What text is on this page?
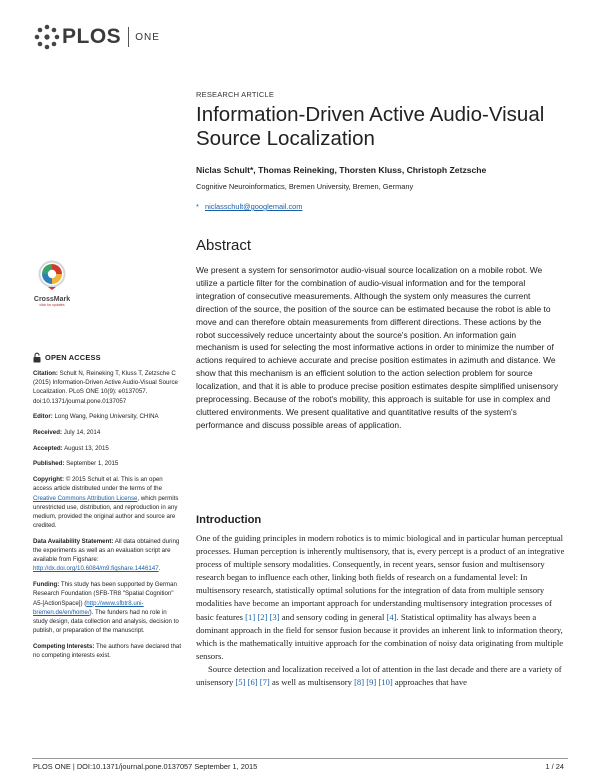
PLOS ONE
RESEARCH ARTICLE
Information-Driven Active Audio-Visual Source Localization
Niclas Schult*, Thomas Reineking, Thorsten Kluss, Christoph Zetzsche
Cognitive Neuroinformatics, Bremen University, Bremen, Germany
* niclasschult@googlemail.com
Abstract

We present a system for sensorimotor audio-visual source localization on a mobile robot. We utilize a particle filter for the combination of audio-visual information and for the temporal integration of consecutive measurements. Although the system only measures the current direction of the source, the position of the source can be estimated because the robot is able to move and can therefore obtain measurements from different directions. These actions by the robot successively reduce uncertainty about the source's position. An information gain mechanism is used for selecting the most informative actions in order to minimize the number of actions required to achieve accurate and precise position estimates in azimuth and distance. We show that this mechanism is an efficient solution to the action selection problem for source localization, and that it is able to produce precise position estimates despite simplified unisensory preprocessing. Because of the robot's mobility, this approach is suitable for use in complex and cluttered environments. We present qualitative and quantitative results of the system's performance and discuss possible areas of application.

CrossMark
click for updates
OPEN ACCESS
Citation: Schult N, Reineking T, Kluss T, Zetzsche C (2015) Information-Driven Active Audio-Visual Source Localization. PLoS ONE 10(9): e0137057. doi:10.1371/journal.pone.0137057
Editor: Long Wang, Peking University, CHINA
Received: July 14, 2014
Accepted: August 13, 2015
Published: September 1, 2015
Copyright: © 2015 Schult et al. This is an open access article distributed under the terms of the Creative Commons Attribution License, which permits unrestricted use, distribution, and reproduction in any medium, provided the original author and source are credited.
Data Availability Statement: All data obtained during the experiments as well as an evaluation script are available from Figshare: http://dx.doi.org/10.6084/m9.figshare.1446147.
Funding: This study has been supported by German Research Foundation (SFB-TR8 "Spatial Cognition" A5-[ActionSpace]) (http://www.sfbtr8.uni-bremen.de/en/home/). The funders had no role in study design, data collection and analysis, decision to publish, or preparation of the manuscript.
Competing Interests: The authors have declared that no competing interests exist.
Introduction

One of the guiding principles in modern robotics is to mimic biological and in particular human perceptual processes. Human perception is inherently multisensory, that is, every percept is a product of an integrative process of multiple sensory modalities. Consequently, in recent years, sensor fusion and multisensory research began to influence each other, linking both fields of research on a fundamental level: In multisensory research, statistically optimal solutions for the integration of data from multiple sensory modalities have become an important approach for understanding multisensory integration processes of basic features [1] [2] [3] and sensory coding in general [4]. Statistical optimality has always been a dominant approach in the field for sensor fusion because it provides an inherent link to information theory, which is the mathematically intuitive approach for the combination of noisy data originating from multiple sensors.

Source detection and localization received a lot of attention in the last decade and there are a variety of unisensory [5] [6] [7] as well as multisensory [8] [9] [10] approaches that have

PLOS ONE | DOI:10.1371/journal.pone.0137057 September 1, 2015	1 / 24
